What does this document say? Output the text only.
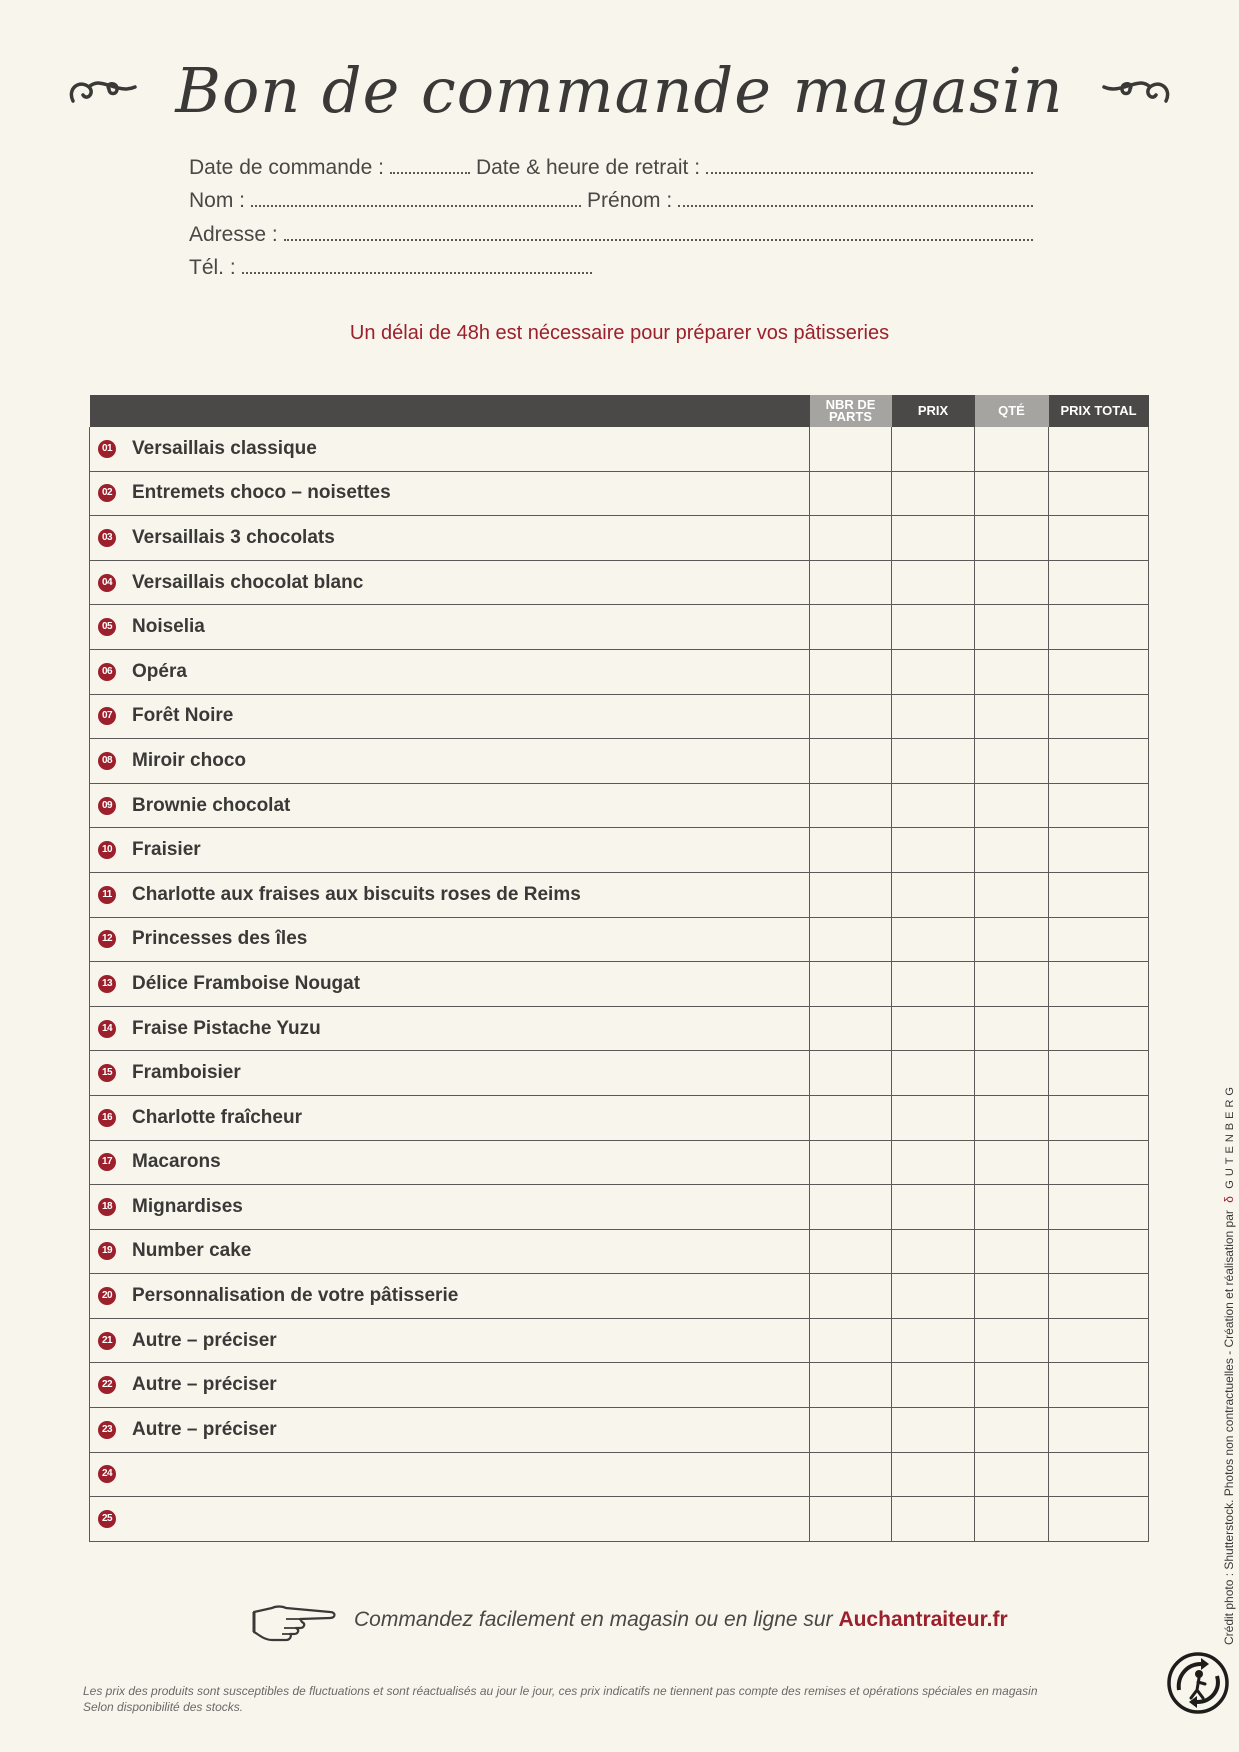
Bon de commande magasin
Date de commande :	Date & heure de retrait :
Nom :	Prénom :
Adresse :
Tél. :
Un délai de 48h est nécessaire pour préparer vos pâtisseries
	NBR DE PARTS	PRIX	QTÉ	PRIX TOTAL
01 Versaillais classique				
02 Entremets choco – noisettes				
03 Versaillais 3 chocolats				
04 Versaillais chocolat blanc				
05 Noiselia				
06 Opéra				
07 Forêt Noire				
08 Miroir choco				
09 Brownie chocolat				
10 Fraisier				
11 Charlotte aux fraises aux biscuits roses de Reims				
12 Princesses des îles				
13 Délice Framboise Nougat				
14 Fraise Pistache Yuzu				
15 Framboisier				
16 Charlotte fraîcheur				
17 Macarons				
18 Mignardises				
19 Number cake				
20 Personnalisation de votre pâtisserie				
21 Autre – préciser				
22 Autre – préciser				
23 Autre – préciser				
24				
25				
Commandez facilement en magasin ou en ligne sur Auchantraiteur.fr
Les prix des produits sont susceptibles de fluctuations et sont réactualisés au jour le jour, ces prix indicatifs ne tiennent pas compte des remises et opérations spéciales en magasin
Selon disponibilité des stocks.
Crédit photo : Shutterstock. Photos non contractuelles - Création et réalisation par δ GUTENBERG
